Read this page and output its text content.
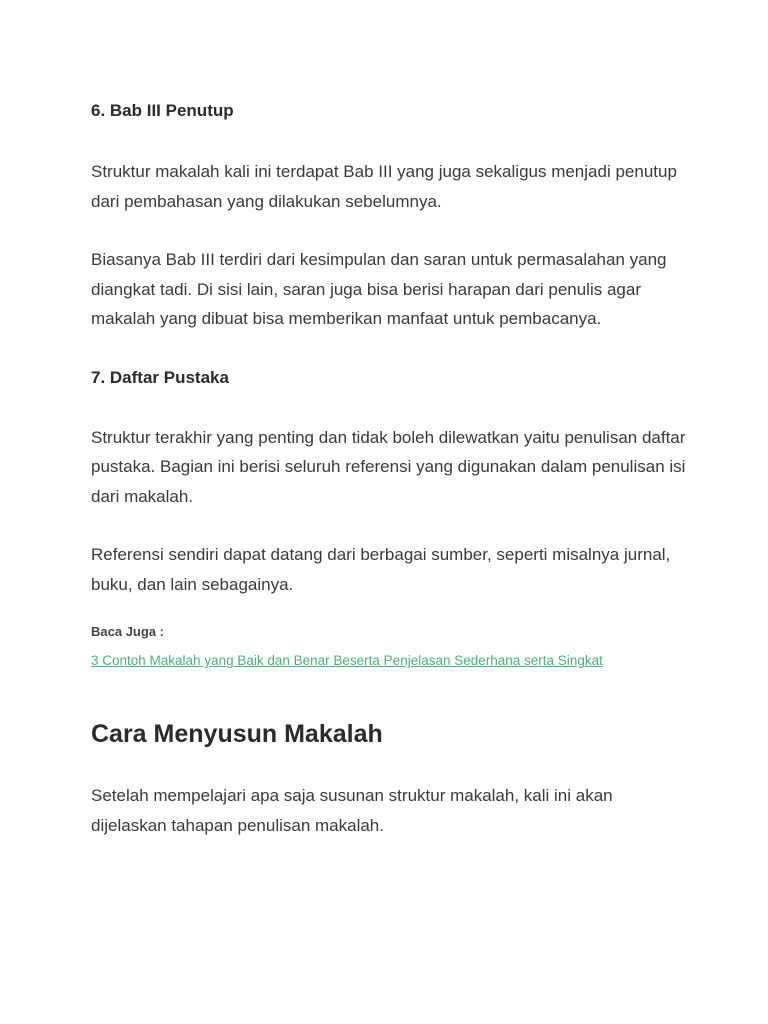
6. Bab III Penutup

Struktur makalah kali ini terdapat Bab III yang juga sekaligus menjadi penutup dari pembahasan yang dilakukan sebelumnya.

Biasanya Bab III terdiri dari kesimpulan dan saran untuk permasalahan yang diangkat tadi. Di sisi lain, saran juga bisa berisi harapan dari penulis agar makalah yang dibuat bisa memberikan manfaat untuk pembacanya.

7. Daftar Pustaka

Struktur terakhir yang penting dan tidak boleh dilewatkan yaitu penulisan daftar pustaka. Bagian ini berisi seluruh referensi yang digunakan dalam penulisan isi dari makalah.

Referensi sendiri dapat datang dari berbagai sumber, seperti misalnya jurnal, buku, dan lain sebagainya.

Baca Juga :

3 Contoh Makalah yang Baik dan Benar Beserta Penjelasan Sederhana serta Singkat
Cara Menyusun Makalah

Setelah mempelajari apa saja susunan struktur makalah, kali ini akan dijelaskan tahapan penulisan makalah.
